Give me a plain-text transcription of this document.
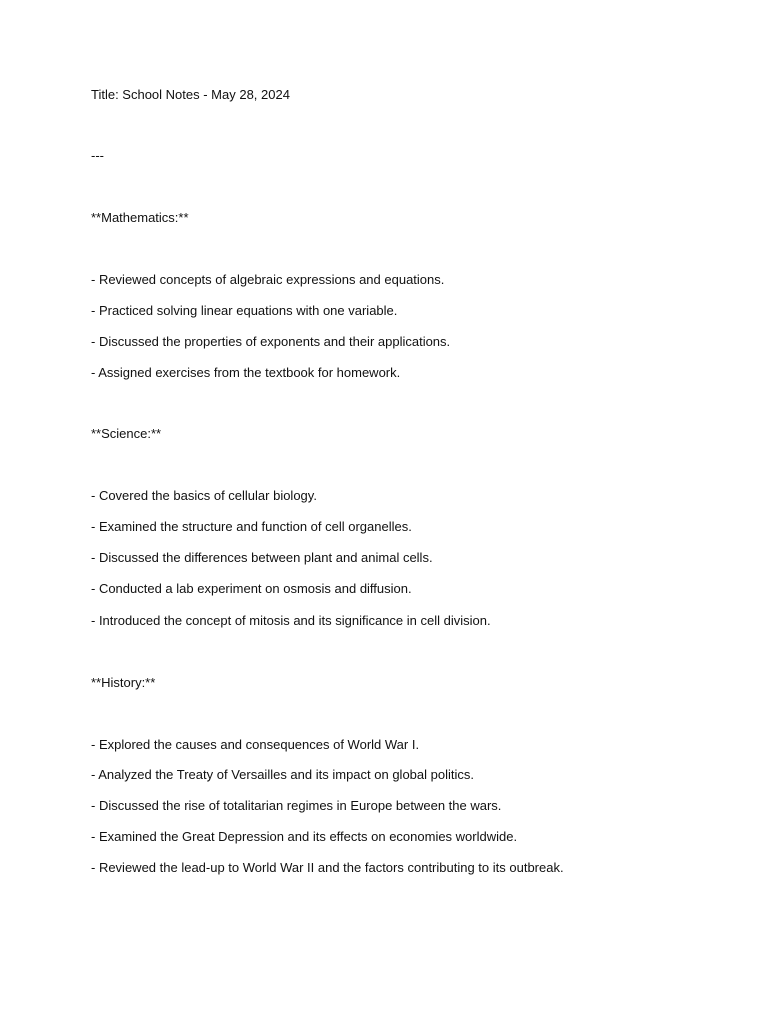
Title: School Notes - May 28, 2024
---
**Mathematics:**
- Reviewed concepts of algebraic expressions and equations.
- Practiced solving linear equations with one variable.
- Discussed the properties of exponents and their applications.
- Assigned exercises from the textbook for homework.
**Science:**
- Covered the basics of cellular biology.
- Examined the structure and function of cell organelles.
- Discussed the differences between plant and animal cells.
- Conducted a lab experiment on osmosis and diffusion.
- Introduced the concept of mitosis and its significance in cell division.
**History:**
- Explored the causes and consequences of World War I.
- Analyzed the Treaty of Versailles and its impact on global politics.
- Discussed the rise of totalitarian regimes in Europe between the wars.
- Examined the Great Depression and its effects on economies worldwide.
- Reviewed the lead-up to World War II and the factors contributing to its outbreak.
